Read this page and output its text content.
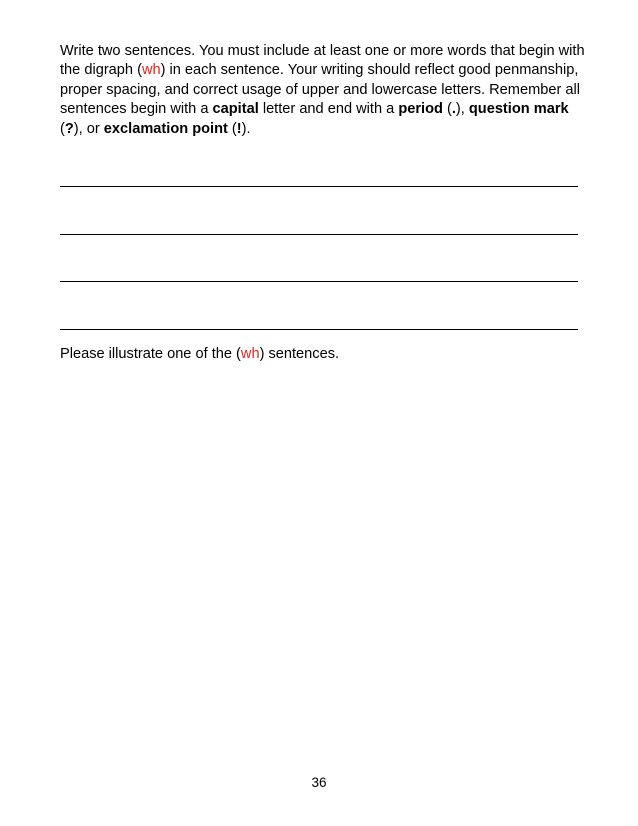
Write two sentences. You must include at least one or more words that begin with the digraph (wh) in each sentence. Your writing should reflect good penmanship, proper spacing, and correct usage of upper and lowercase letters. Remember all sentences begin with a capital letter and end with a period (.), question mark (?), or exclamation point (!).
Please illustrate one of the (wh) sentences.
36
